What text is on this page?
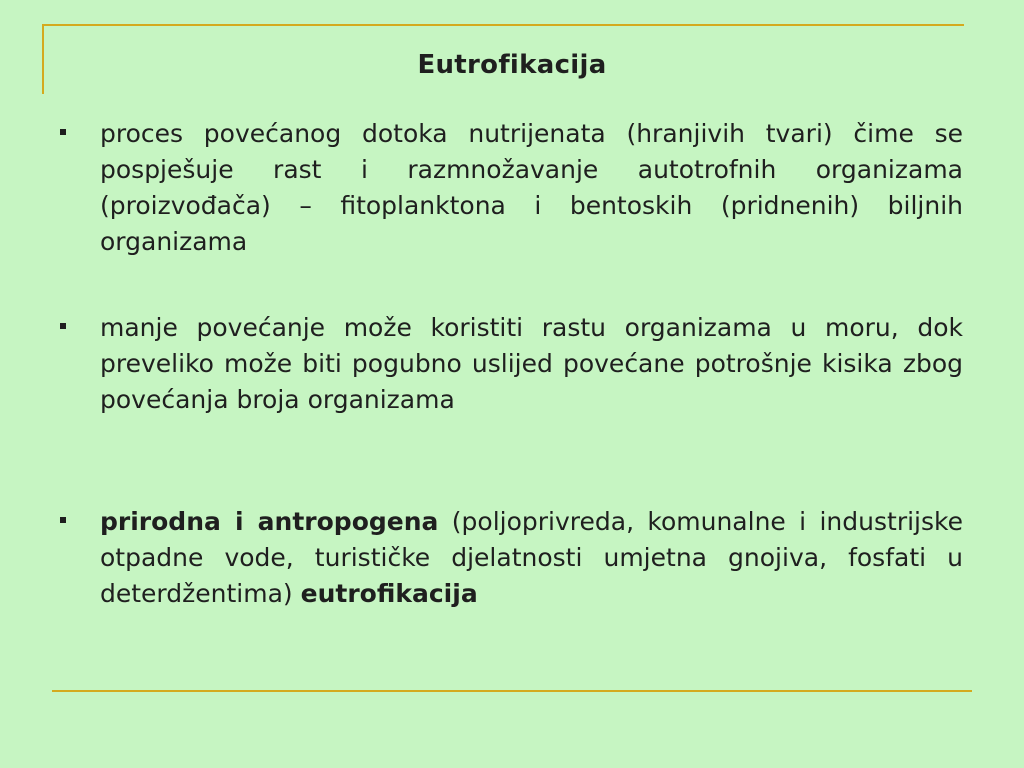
Eutrofikacija
proces povećanog dotoka nutrijenata (hranjivih tvari) čime se pospješuje rast i razmnožavanje autotrofnih organizama (proizvođača) – fitoplanktona i bentoskih (pridnenih) biljnih organizama
manje povećanje može koristiti rastu organizama u moru, dok preveliko može biti pogubno uslijed povećane potrošnje kisika zbog povećanja broja organizama
prirodna i antropogena (poljoprivreda, komunalne i industrijske otpadne vode, turističke djelatnosti umjetna gnojiva, fosfati u deterdžentima) eutrofikacija
